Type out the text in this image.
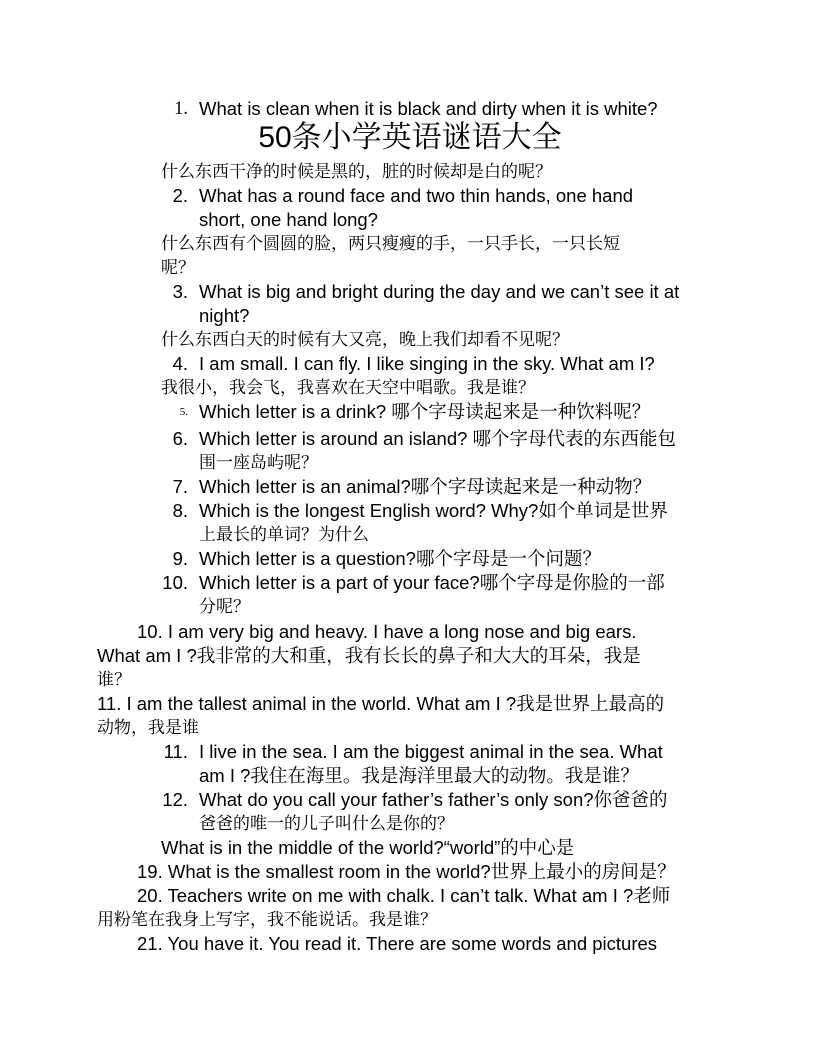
1. What is clean when it is black and dirty when it is white?
50条小学英语谜语大全
什么东西干净的时候是黑的，脏的时候却是白的呢？
2. What has a round face and two thin hands, one hand
short, one hand long?
什么东西有个圆圆的脸，两只瘦瘦的手，一只手长，一只长短
呢？
3. What is big and bright during the day and we can’t see it at
night?
什么东西白天的时候有大又亮，晚上我们却看不见呢？
4. I am small. I can fly. I like singing in the sky. What am I?
我很小，我会飞，我喜欢在天空中唱歌。我是谁？
5. Which letter is a drink? 哪个字母读起来是一种饮料呢？
6. Which letter is around an island? 哪个字母代表的东西能包
围一座岛屿呢？
7. Which letter is an animal?哪个字母读起来是一种动物？
8. Which is the longest English word? Why?如个单词是世界
上最长的单词？为什么
9. Which letter is a question?哪个字母是一个问题？
10. Which letter is a part of your face?哪个字母是你脸的一部
分呢？
10. I am very big and heavy. I have a long nose and big ears.
What am I ?我非常的大和重，我有长长的鼻子和大大的耳朵，我是
谁？
11. I am the tallest animal in the world. What am I ?我是世界上最高的
动物，我是谁
11. I live in the sea. I am the biggest animal in the sea. What
am I ?我住在海里。我是海洋里最大的动物。我是谁？
12. What do you call your father’s father’s only son?你爸爸的
爸爸的唯一的儿子叫什么是你的？
What is in the middle of the world?“world”的中心是
19. What is the smallest room in the world?世界上最小的房间是？
20. Teachers write on me with chalk. I can’t talk. What am I ?老师
用粉笔在我身上写字，我不能说话。我是谁？
21. You have it. You read it. There are some words and pictures
